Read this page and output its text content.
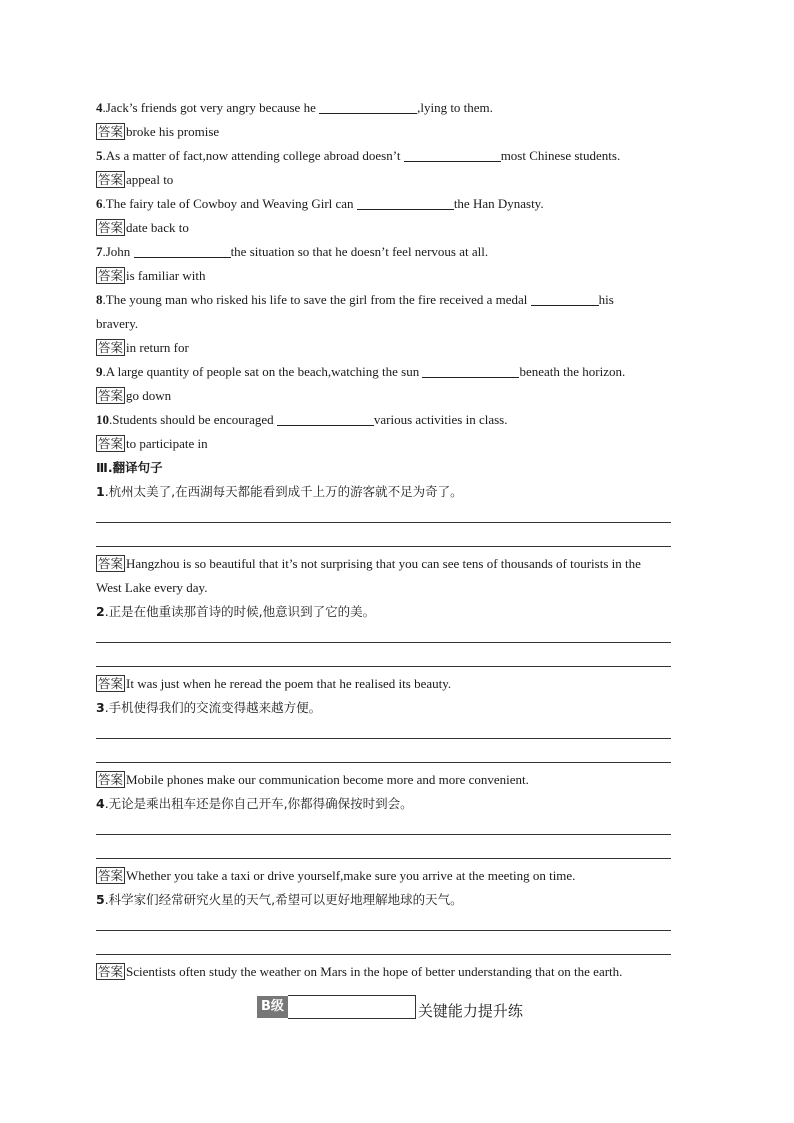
4.Jack’s friends got very angry because he	,lying to them.
答案 broke his promise
5.As a matter of fact,now attending college abroad doesn’t	most Chinese students.
答案 appeal to
6.The fairy tale of Cowboy and Weaving Girl can	the Han Dynasty.
答案 date back to
7.John	the situation so that he doesn’t feel nervous at all.
答案 is familiar with
8.The young man who risked his life to save the girl from the fire received a medal	his
bravery.
答案 in return for
9.A large quantity of people sat on the beach,watching the sun	beneath the horizon.
答案 go down
10.Students should be encouraged	various activities in class.
答案 to participate in
Ⅲ.翻译句子
1.杭州太美了,在西湖每天都能看到成千上万的游客就不足为奇了。
答案 Hangzhou is so beautiful that it’s not surprising that you can see tens of thousands of tourists in the
West Lake every day.
2.正是在他重读那首诗的时候,他意识到了它的美。
答案 It was just when he reread the poem that he realised its beauty.
3.手机使得我们的交流变得越来越方便。
答案 Mobile phones make our communication become more and more convenient.
4.无论是乘出租车还是你自己开车,你都得确保按时到会。
答案 Whether you take a taxi or drive yourself,make sure you arrive at the meeting on time.
5.科学家们经常研究火星的天气,希望可以更好地理解地球的天气。
答案 Scientists often study the weather on Mars in the hope of better understanding that on the earth.
B级	关键能力提升练
